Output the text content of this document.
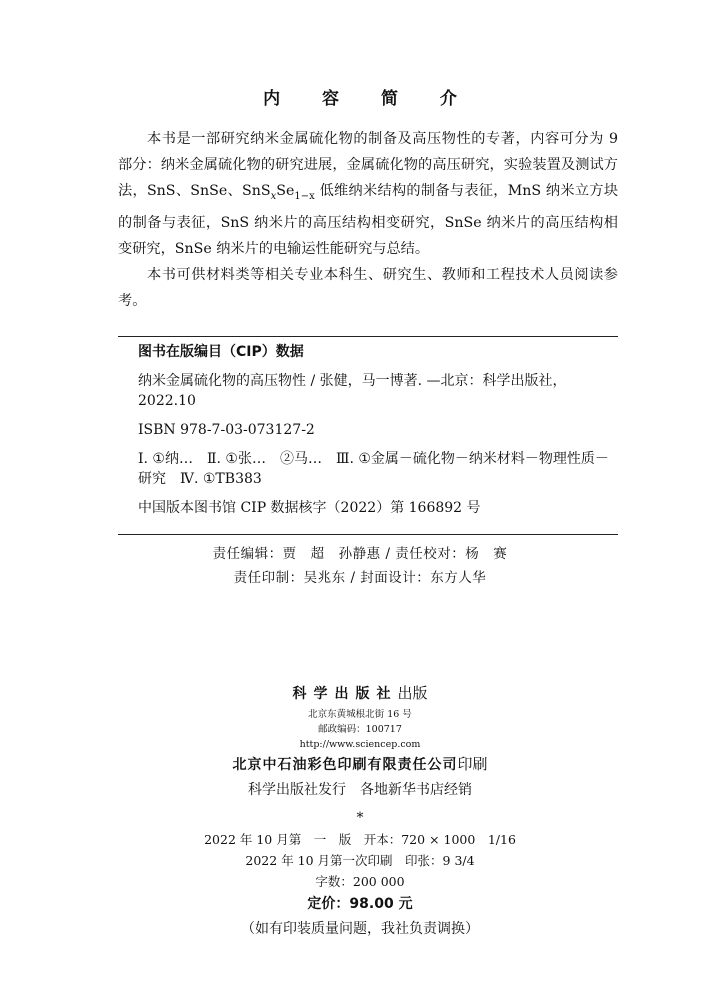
内 容 简 介

本书是一部研究纳米金属硫化物的制备及高压物性的专著，内容可分为 9 部分：纳米金属硫化物的研究进展，金属硫化物的高压研究，实验装置及测试方法，SnS、SnSe、$SnS_xSe_{1-x}$ 低维纳米结构的制备与表征，MnS 纳米立方块的制备与表征，SnS 纳米片的高压结构相变研究，SnSe 纳米片的高压结构相变研究，SnSe 纳米片的电输运性能研究与总结。

本书可供材料类等相关专业本科生、研究生、教师和工程技术人员阅读参考。

图书在版编目（CIP）数据
纳米金属硫化物的高压物性 / 张健，马一博著. —北京：科学出版社，2022.10
ISBN 978-7-03-073127-2
Ⅰ. ①纳…　Ⅱ. ①张…　②马…　Ⅲ. ①金属－硫化物－纳米材料－物理性质－研究　Ⅳ. ①TB383
中国版本图书馆 CIP 数据核字（2022）第 166892 号
责任编辑：贾　超　孙静惠 / 责任校对：杨　赛
责任印制：吴兆东 / 封面设计：东方人华
科学出版社出版
北京东黄城根北街 16 号
邮政编码：100717
http://www.sciencep.com
北京中石油彩色印刷有限责任公司印刷
科学出版社发行　各地新华书店经销
*
2022 年 10 月第　一　版　开本：720 × 1000　1/16
2022 年 10 月第一次印刷　印张：9 3/4
字数：200 000
定价：98.00 元
（如有印装质量问题，我社负责调换）
